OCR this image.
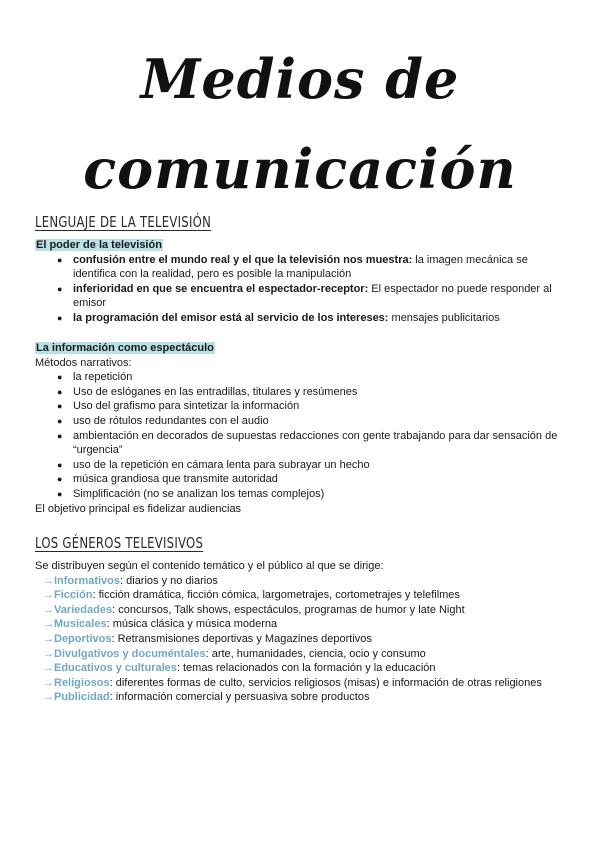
Medios de
comunicación
LENGUAJE DE LA TELEVISIÓN
El poder de la televisión
● confusión entre el mundo real y el que la televisión nos muestra: la imagen mecánica se identifica con la realidad, pero es posible la manipulación
● inferioridad en que se encuentra el espectador-receptor: El espectador no puede responder al emisor
● la programación del emisor está al servicio de los intereses: mensajes publicitarios
La información como espectáculo

Métodos narrativos:

● la repetición
● Uso de eslóganes en las entradillas, titulares y resúmenes
● Uso del grafismo para sintetizar la información
● uso de rótulos redundantes con el audio
● ambientación en decorados de supuestas redacciones con gente trabajando para dar sensación de “urgencia”
● uso de la repetición en cámara lenta para subrayar un hecho
● música grandiosa que transmite autoridad
● Simplificación (no se analizan los temas complejos)

El objetivo principal es fidelizar audiencias

LOS GÉNEROS TELEVISIVOS

Se distribuyen según el contenido temático y el público al que se dirige:

→Informativos: diarios y no diarios
→Ficción: ficción dramática, ficción cómica, largometrajes, cortometrajes y telefilmes
→Variedades: concursos, Talk shows, espectáculos, programas de humor y late Night
→Musicales: música clásica y música moderna
→Deportivos: Retransmisiones deportivas y Magazines deportivos
→Divulgativos y documéntales: arte, humanidades, ciencia, ocio y consumo
→Educativos y culturales: temas relacionados con la formación y la educación
→Religiosos: diferentes formas de culto, servicios religiosos (misas) e información de otras religiones
→Publicidad: información comercial y persuasiva sobre productos
